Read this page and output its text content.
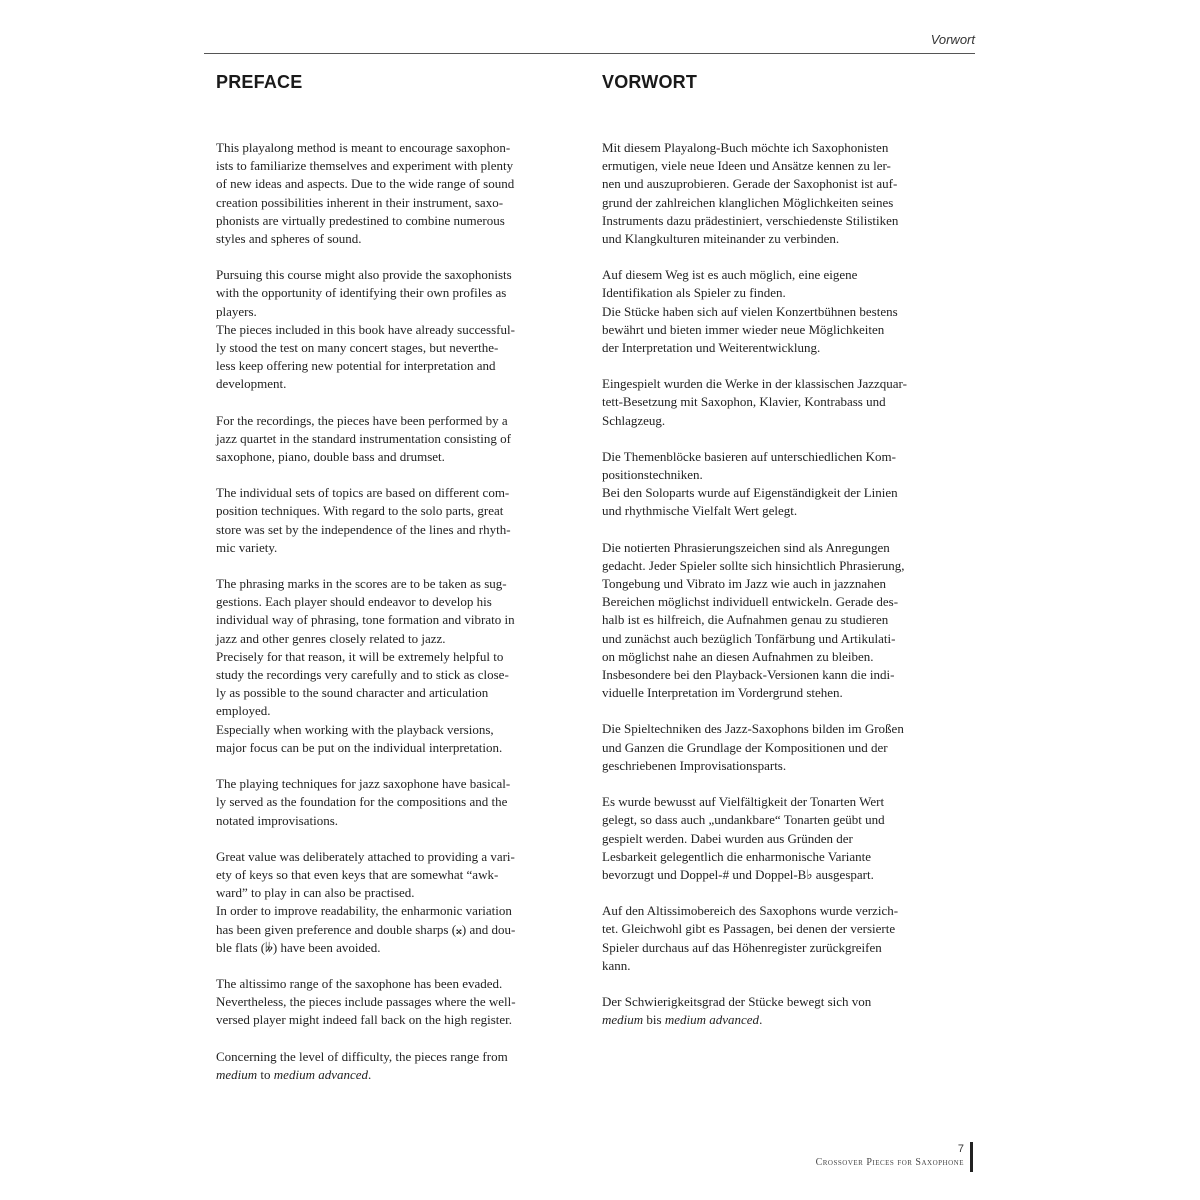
Vorwort
PREFACE

This playalong method is meant to encourage saxophon-
ists to familiarize themselves and experiment with plenty
of new ideas and aspects. Due to the wide range of sound
creation possibilities inherent in their instrument, saxo-
phonists are virtually predestined to combine numerous
styles and spheres of sound.

Pursuing this course might also provide the saxophonists
with the opportunity of identifying their own profiles as
players.
The pieces included in this book have already successful-
ly stood the test on many concert stages, but neverthe-
less keep offering new potential for interpretation and
development.

For the recordings, the pieces have been performed by a
jazz quartet in the standard instrumentation consisting of
saxophone, piano, double bass and drumset.

The individual sets of topics are based on different com-
position techniques. With regard to the solo parts, great
store was set by the independence of the lines and rhyth-
mic variety.

The phrasing marks in the scores are to be taken as sug-
gestions. Each player should endeavor to develop his
individual way of phrasing, tone formation and vibrato in
jazz and other genres closely related to jazz.
Precisely for that reason, it will be extremely helpful to
study the recordings very carefully and to stick as close-
ly as possible to the sound character and articulation
employed.
Especially when working with the playback versions,
major focus can be put on the individual interpretation.

The playing techniques for jazz saxophone have basical-
ly served as the foundation for the compositions and the
notated improvisations.

Great value was deliberately attached to providing a vari-
ety of keys so that even keys that are somewhat “awk-
ward” to play in can also be practised.
In order to improve readability, the enharmonic variation
has been given preference and double sharps (𝄪) and dou-
ble flats (𝄫) have been avoided.

The altissimo range of the saxophone has been evaded.
Nevertheless, the pieces include passages where the well-
versed player might indeed fall back on the high register.

Concerning the level of difficulty, the pieces range from
medium to medium advanced.

VORWORT

Mit diesem Playalong-Buch möchte ich Saxophonisten
ermutigen, viele neue Ideen und Ansätze kennen zu ler-
nen und auszuprobieren. Gerade der Saxophonist ist auf-
grund der zahlreichen klanglichen Möglichkeiten seines
Instruments dazu prädestiniert, verschiedenste Stilistiken
und Klangkulturen miteinander zu verbinden.

Auf diesem Weg ist es auch möglich, eine eigene
Identifikation als Spieler zu finden.
Die Stücke haben sich auf vielen Konzertbühnen bestens
bewährt und bieten immer wieder neue Möglichkeiten
der Interpretation und Weiterentwicklung.

Eingespielt wurden die Werke in der klassischen Jazzquar-
tett-Besetzung mit Saxophon, Klavier, Kontrabass und
Schlagzeug.

Die Themenblöcke basieren auf unterschiedlichen Kom-
positionstechniken.
Bei den Soloparts wurde auf Eigenständigkeit der Linien
und rhythmische Vielfalt Wert gelegt.

Die notierten Phrasierungszeichen sind als Anregungen
gedacht. Jeder Spieler sollte sich hinsichtlich Phrasierung,
Tongebung und Vibrato im Jazz wie auch in jazznahen
Bereichen möglichst individuell entwickeln. Gerade des-
halb ist es hilfreich, die Aufnahmen genau zu studieren
und zunächst auch bezüglich Tonfärbung und Artikulati-
on möglichst nahe an diesen Aufnahmen zu bleiben.
Insbesondere bei den Playback-Versionen kann die indi-
viduelle Interpretation im Vordergrund stehen.

Die Spieltechniken des Jazz-Saxophons bilden im Großen
und Ganzen die Grundlage der Kompositionen und der
geschriebenen Improvisationsparts.

Es wurde bewusst auf Vielfältigkeit der Tonarten Wert
gelegt, so dass auch „undankbare“ Tonarten geübt und
gespielt werden. Dabei wurden aus Gründen der
Lesbarkeit gelegentlich die enharmonische Variante
bevorzugt und Doppel-# und Doppel-B♭ ausgespart.

Auf den Altissimobereich des Saxophons wurde verzich-
tet. Gleichwohl gibt es Passagen, bei denen der versierte
Spieler durchaus auf das Höhenregister zurückgreifen
kann.

Der Schwierigkeitsgrad der Stücke bewegt sich von
medium bis medium advanced.

7
Crossover Pieces for Saxophone
